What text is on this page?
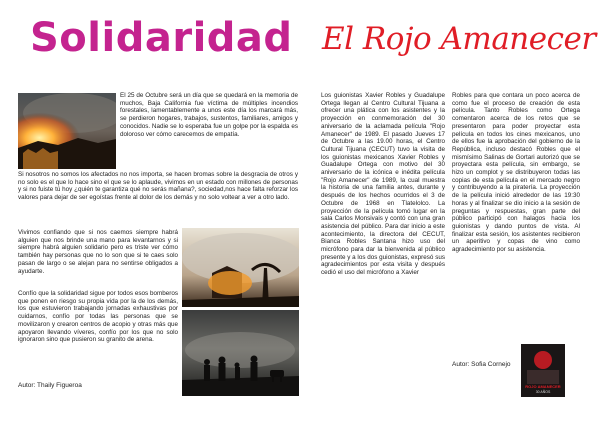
Solidaridad

El 25 de Octubre será un día que se quedará en la memoria de muchos, Baja California fue víctima de múltiples incendios forestales, lamentablemente a unos este día los marcará más, se perdieron hogares, trabajos, sustentos, familiares, amigos y conocidos. Nadie se lo esperaba fue un golpe por la espalda es doloroso ver cómo carecemos de empatía.

Si nosotros no somos los afectados no nos importa, se hacen bromas sobre la desgracia de otros y no solo es el que lo hace sino el que se lo aplaude, vivimos en un estado con millones de personas y si no fuiste tú hoy ¿quién te garantiza qué no serás mañana?, sociedad,nos hace falta reforzar los valores para dejar de ser egoístas frente al dolor de los demás y no solo voltear a ver a otro lado.

Vivimos confiando que si nos caemos siempre habrá alguien que nos brinde una mano para levantarnos y si siempre habrá alguien solidario pero es triste ver cómo también hay personas que no lo son que si te caes solo pasan de largo o se alejan para no sentirse obligados a ayudarte.

Confío que la solidaridad sigue por todos esos bomberos que ponen en riesgo su propia vida por la de los demás, los que estuvieron trabajando jornadas exhaustivas por cuidarnos, confío por todas las personas que se movilizaron y crearon centros de acopio y otras más que apoyaron llevando víveres, confío por los que no solo ignoraron sino que pusieron su granito de arena.

Autor: Thaily Figueroa
El Rojo Amanecer

Los guionistas Xavier Robles y Guadalupe Ortega llegan al Centro Cultural Tijuana a ofrecer una plática con los asistentes y la proyección en conmemoración del 30 aniversario de la aclamada película "Rojo Amanecer" de 1989. El pasado Jueves 17 de Octubre a las 19.00 horas, el Centro Cultural Tijuana (CECUT) tuvo la visita de los guionistas mexicanos Xavier Robles y Guadalupe Ortega con motivo del 30 aniversario de la icónica e inédita película "Rojo Amanecer" de 1989, la cual muestra la historia de una familia antes, durante y después de los hechos ocurridos el 3 de Octubre de 1968 en Tlatelolco. La proyección de la película tomó lugar en la sala Carlos Monsivais y contó con una gran asistencia del público. Para dar inicio a este acontecimiento, la directora del CECUT, Bianca Robles Santana hizo uso del micrófono para dar la bienvenida al público presente y a los dos guionistas, expresó sus agradecimientos por esta visita y después cedió el uso del micrófono a Xavier

Robles para que contara un poco acerca de como fue el proceso de creación de esta película. Tanto Robles como Ortega comentaron acerca de los retos que se presentaron para poder proyectar esta película en todos los cines mexicanos, uno de ellos fue la aprobación del gobierno de la República, incluso destacó Robles que el mismísimo Salinas de Gortari autorizó que se proyectara esta película, sin embargo, se hizo un complot y se distribuyeron todas las copias de esta película en el mercado negro y contribuyendo a la piratería. La proyección de la película inició alrededor de las 19:30 horas y al finalizar se dio inicio a la sesión de preguntas y respuestas, gran parte del público participó con halagos hacia los guionistas y dando puntos de vista. Al finalizar esta sesión, los asistentes recibieron un aperitivo y copas de vino como agradecimiento por su asistencia.

Autor: Sofia Cornejo
ROJO AMANECER
30 AÑOS
